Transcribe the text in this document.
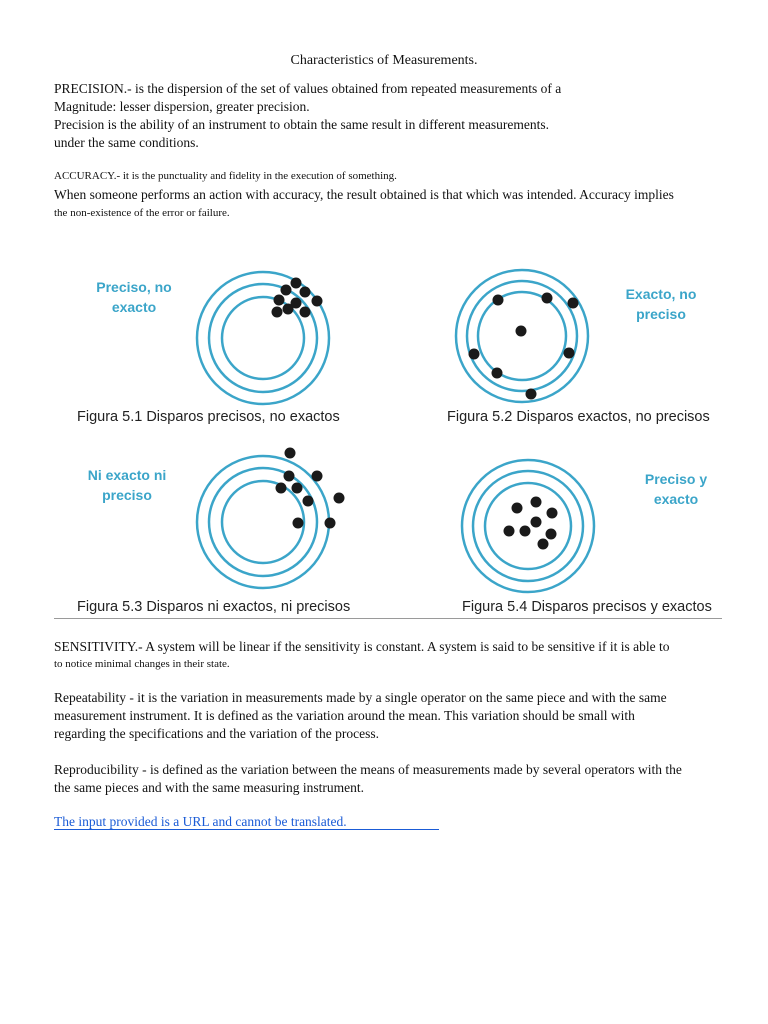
Characteristics of Measurements.
PRECISION.- is the dispersion of the set of values obtained from repeated measurements of a
Magnitude: lesser dispersion, greater precision.
Precision is the ability of an instrument to obtain the same result in different measurements.
under the same conditions.
ACCURACY.- it is the punctuality and fidelity in the execution of something.
When someone performs an action with accuracy, the result obtained is that which was intended. Accuracy implies
the non-existence of the error or failure.
Preciso, no
exacto
Figura 5.1 Disparos precisos, no exactos
Exacto, no
preciso
Figura 5.2 Disparos exactos, no precisos
Ni exacto ni
preciso
Figura 5.3 Disparos ni exactos, ni precisos
Preciso y
exacto
Figura 5.4 Disparos precisos y exactos
SENSITIVITY.- A system will be linear if the sensitivity is constant. A system is said to be sensitive if it is able to
to notice minimal changes in their state.
Repeatability - it is the variation in measurements made by a single operator on the same piece and with the same
measurement instrument. It is defined as the variation around the mean. This variation should be small with
regarding the specifications and the variation of the process.
Reproducibility - is defined as the variation between the means of measurements made by several operators with the
the same pieces and with the same measuring instrument.
The input provided is a URL and cannot be translated.
